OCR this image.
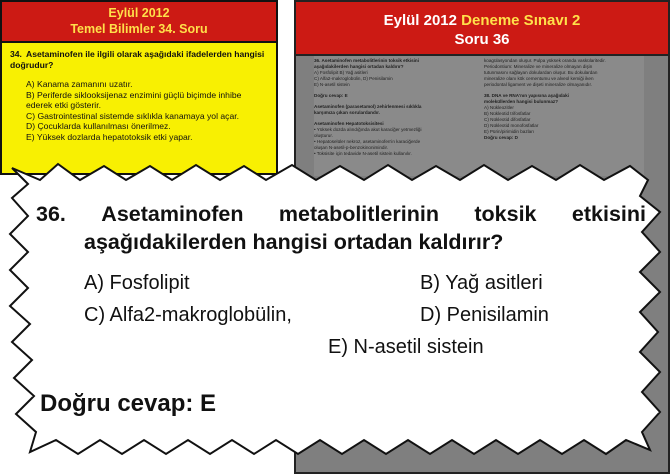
Eylül 2012
Temel Bilimler 34. Soru
34. Asetaminofen ile ilgili olarak aşağıdaki ifadelerden hangisi doğrudur?
A) Kanama zamanını uzatır.
B) Periferde siklooksijenaz enzimini güçlü biçimde inhibe ederek etki gösterir.
C) Gastrointestinal sistemde sıklıkla kanamaya yol açar.
D) Çocuklarda kullanılması önerilmez.
E) Yüksek dozlarda hepatotoksik etki yapar.
Eylül 2012 Deneme Sınavı 2
Soru 36
36. Asetaminofen metabolitlerinin toksik etkisini
aşağıdakilerden hangisi ortadan kaldırır?
A) Fosfolipit B) Yağ asitleri
C) Alfa2-makroglobülin, D) Penisilamin
E) N-asetil sistein
Doğru cevap: E
Asetaminofen (parasetamol) zehirlenmesi sıklıkla
karşımıza çıkan sorulardandır.
Asetaminofen Hepatotoksisitesi
• Yüksek dozda alındığında akut karaciğer yetmezliği
oluşturur.
• Hepatoselüler nekroz, asetaminofen'in karaciğerde
oluşan N-asetil-p-benzokinonimindir.
• Toksisite için tedavide N-asetil sistein kullanılır.
koagülasyondan oluşur. Pulpa yüksek oranda vaskülaritedir.
Periodontium: Mineralize ve mineralize olmayan dişin
tutunmasını sağlayan dokulardan oluşur. Bu dokulardan
mineralize olanı kök cementumu ve alveol kemiği iken
periodontal ligament ve dişeti mineralize olmayanıdır.
38. DNA ve RNA'nın yapısına aşağıdaki
moleküllerden hangisi bulunmaz?
A) Nükleozitler
B) Nükleotid trifosfatlar
C) Nükleotid difosfatlar
D) Nükleotid monofosfatlar
E) Pürin/pirimidin bazları
Doğru cevap: D
36. Asetaminofen metabolitlerinin toksik etkisini
aşağıdakilerden hangisi ortadan kaldırır?
A) Fosfolipit	B) Yağ asitleri
C) Alfa2-makroglobülin,	D) Penisilamin
E) N-asetil sistein
Doğru cevap: E
